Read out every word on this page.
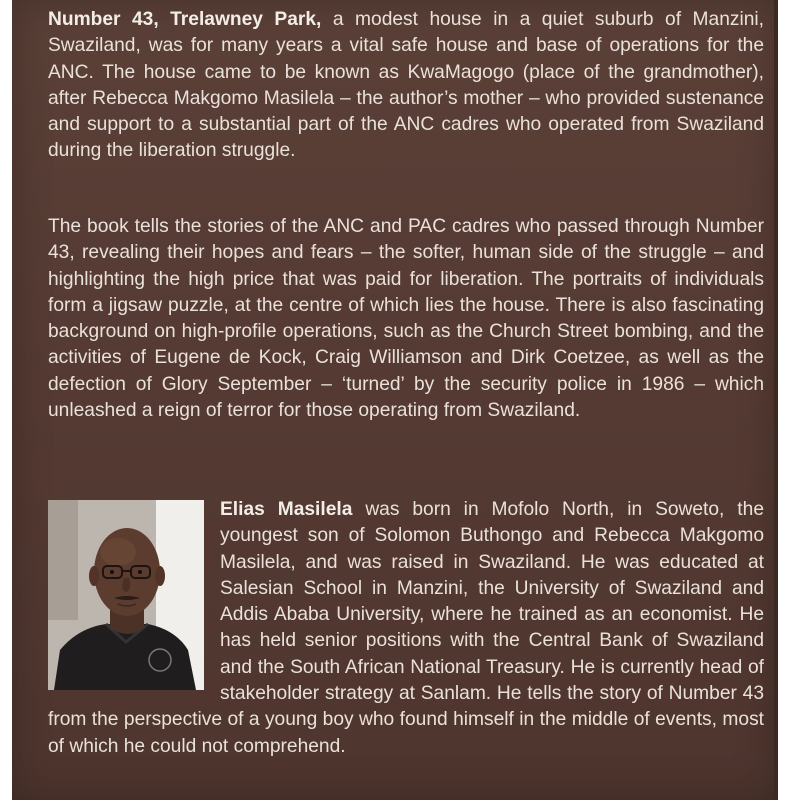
Number 43, Trelawney Park, a modest house in a quiet suburb of Manzini, Swaziland, was for many years a vital safe house and base of operations for the ANC. The house came to be known as KwaMagogo (place of the grandmother), after Rebecca Makgomo Masilela – the author’s mother – who provided sustenance and support to a substantial part of the ANC cadres who operated from Swaziland during the liberation struggle.

The book tells the stories of the ANC and PAC cadres who passed through Number 43, revealing their hopes and fears – the softer, human side of the struggle – and highlighting the high price that was paid for liberation. The portraits of individuals form a jigsaw puzzle, at the centre of which lies the house. There is also fascinating background on high-profile operations, such as the Church Street bombing, and the activities of Eugene de Kock, Craig Williamson and Dirk Coetzee, as well as the defection of Glory September – ‘turned’ by the security police in 1986 – which unleashed a reign of terror for those operating from Swaziland.

Elias Masilela was born in Mofolo North, in Soweto, the youngest son of Solomon Buthongo and Rebecca Makgomo Masilela, and was raised in Swaziland. He was educated at Salesian School in Manzini, the University of Swaziland and Addis Ababa University, where he trained as an economist. He has held senior positions with the Central Bank of Swaziland and the South African National Treasury. He is currently head of stakeholder strategy at Sanlam. He tells the story of Number 43 from the perspective of a young boy who found himself in the middle of events, most of which he could not comprehend.
